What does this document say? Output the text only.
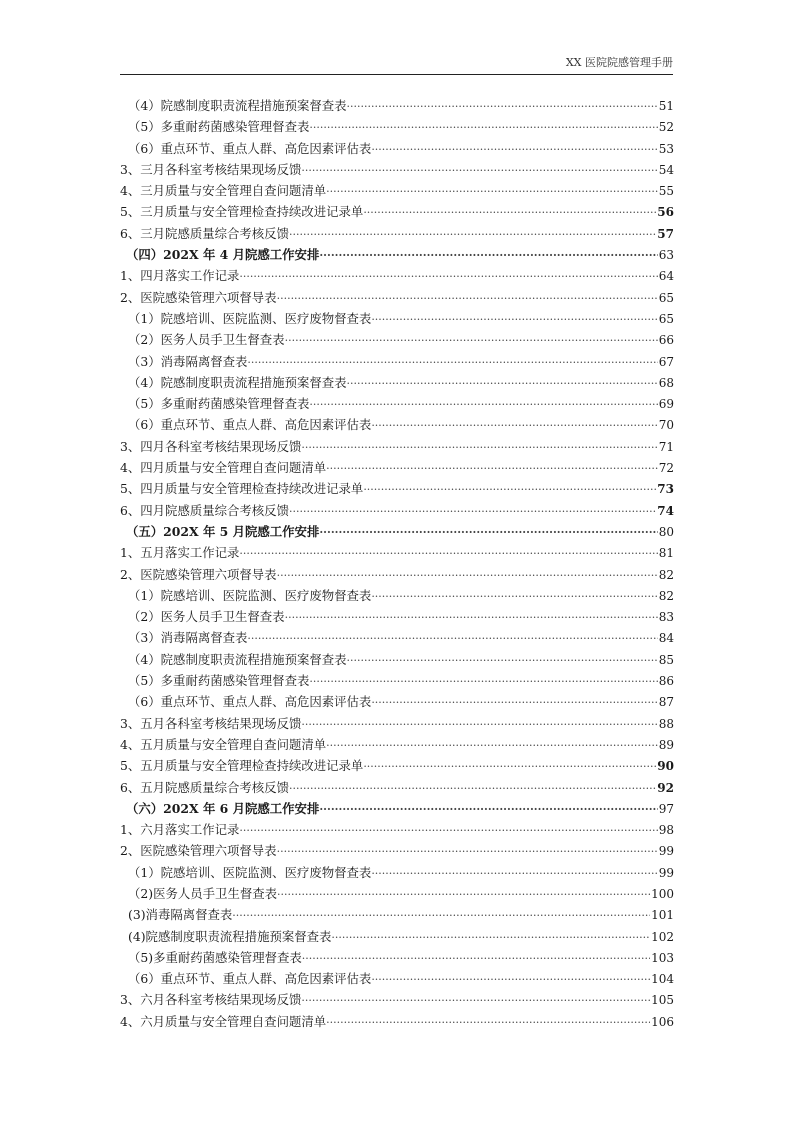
XX 医院院感管理手册
（4）院感制度职责流程措施预案督查表 ·····	51
（5）多重耐药菌感染管理督查表 ·····	52
（6）重点环节、重点人群、高危因素评估表 ·····	53
3、三月各科室考核结果现场反馈 ·····	54
4、三月质量与安全管理自查问题清单 ·····	55
5、三月质量与安全管理检查持续改进记录单 ·····	56
6、三月院感质量综合考核反馈 ·····	57
（四）202X 年 4 月院感工作安排 ·····	63
1、四月落实工作记录 ·····	64
2、医院感染管理六项督导表 ·····	65
（1）院感培训、医院监测、医疗废物督查表 ·····	65
（2）医务人员手卫生督查表 ·····	66
（3）消毒隔离督查表 ·····	67
（4）院感制度职责流程措施预案督查表 ·····	68
（5）多重耐药菌感染管理督查表 ·····	69
（6）重点环节、重点人群、高危因素评估表 ·····	70
3、四月各科室考核结果现场反馈 ·····	71
4、四月质量与安全管理自查问题清单 ·····	72
5、四月质量与安全管理检查持续改进记录单 ·····	73
6、四月院感质量综合考核反馈 ·····	74
（五）202X 年 5 月院感工作安排 ·····	80
1、五月落实工作记录 ·····	81
2、医院感染管理六项督导表 ·····	82
（1）院感培训、医院监测、医疗废物督查表 ·····	82
（2）医务人员手卫生督查表 ·····	83
（3）消毒隔离督查表 ·····	84
（4）院感制度职责流程措施预案督查表 ·····	85
（5）多重耐药菌感染管理督查表 ·····	86
（6）重点环节、重点人群、高危因素评估表 ·····	87
3、五月各科室考核结果现场反馈 ·····	88
4、五月质量与安全管理自查问题清单 ·····	89
5、五月质量与安全管理检查持续改进记录单 ·····	90
6、五月院感质量综合考核反馈 ·····	92
（六）202X 年 6 月院感工作安排 ·····	97
1、六月落实工作记录 ·····	98
2、医院感染管理六项督导表 ·····	99
（1）院感培训、医院监测、医疗废物督查表 ·····	99
（2)医务人员手卫生督查表 ·····	100
(3)消毒隔离督查表 ·····	101
(4)院感制度职责流程措施预案督查表 ·····	102
（5)多重耐药菌感染管理督查表 ·····	103
（6）重点环节、重点人群、高危因素评估表 ·····	104
3、六月各科室考核结果现场反馈 ·····	105
4、六月质量与安全管理自查问题清单 ·····	106
